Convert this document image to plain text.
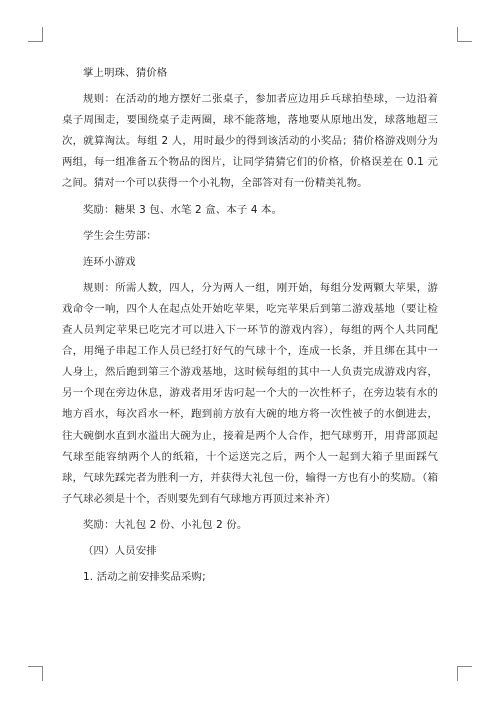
掌上明珠、猜价格

规则：在活动的地方摆好二张桌子，参加者应边用乒乓球拍垫球，一边沿着桌子周围走，要围绕桌子走两圈，球不能落地，落地要从原地出发，球落地超三次，就算淘汰。每组 2 人，用时最少的得到该活动的小奖品；猜价格游戏则分为两组，每一组准备五个物品的图片，让同学猜猜它们的价格，价格误差在 0.1 元之间。猜对一个可以获得一个小礼物，全部答对有一份精美礼物。

奖励：糖果 3 包、水笔 2 盒、本子 4 本。

学生会生劳部：

连环小游戏

规则：所需人数，四人，分为两人一组，刚开始，每组分发两颗大苹果，游戏命令一响，四个人在起点处开始吃苹果，吃完苹果后到第二游戏基地（要让检查人员判定苹果已吃完才可以进入下一环节的游戏内容），每组的两个人共同配合，用绳子串起工作人员已经打好气的气球十个，连成一长条，并且绑在其中一人身上，然后跑到第三个游戏基地，这时候每组的其中一人负责完成游戏内容，另一个现在旁边休息，游戏者用牙齿叼起一个大的一次性杯子，在旁边装有水的地方舀水，每次舀水一杯，跑到前方放有大碗的地方将一次性被子的水倒进去，往大碗倒水直到水溢出大碗为止，接着是两个人合作，把气球剪开，用背部顶起气球至能容纳两个人的纸箱，十个运送完之后，两个人一起到大箱子里面踩气球，气球先踩完者为胜利一方，并获得大礼包一份，输得一方也有小的奖励。（箱子气球必须是十个，否则要先到有气球地方再顶过来补齐）

奖励：大礼包 2 份、小礼包 2 份。

（四）人员安排

1. 活动之前安排奖品采购;
